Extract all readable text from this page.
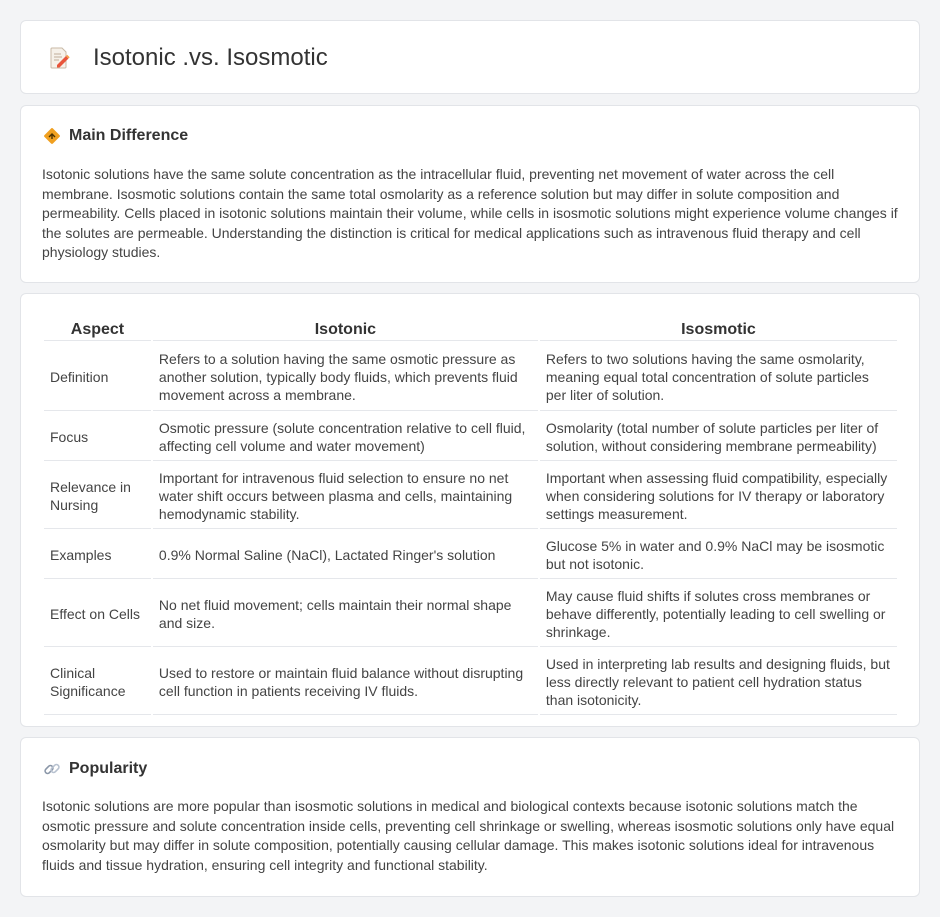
Isotonic .vs. Isosmotic
Main Difference

Isotonic solutions have the same solute concentration as the intracellular fluid, preventing net movement of water across the cell membrane. Isosmotic solutions contain the same total osmolarity as a reference solution but may differ in solute composition and permeability. Cells placed in isotonic solutions maintain their volume, while cells in isosmotic solutions might experience volume changes if the solutes are permeable. Understanding the distinction is critical for medical applications such as intravenous fluid therapy and cell physiology studies.

Aspect	Isotonic	Isosmotic
Definition	Refers to a solution having the same osmotic pressure as another solution, typically body fluids, which prevents fluid movement across a membrane.	Refers to two solutions having the same osmolarity, meaning equal total concentration of solute particles per liter of solution.
Focus	Osmotic pressure (solute concentration relative to cell fluid, affecting cell volume and water movement)	Osmolarity (total number of solute particles per liter of solution, without considering membrane permeability)
Relevance in Nursing	Important for intravenous fluid selection to ensure no net water shift occurs between plasma and cells, maintaining hemodynamic stability.	Important when assessing fluid compatibility, especially when considering solutions for IV therapy or laboratory settings measurement.
Examples	0.9% Normal Saline (NaCl), Lactated Ringer's solution	Glucose 5% in water and 0.9% NaCl may be isosmotic but not isotonic.
Effect on Cells	No net fluid movement; cells maintain their normal shape and size.	May cause fluid shifts if solutes cross membranes or behave differently, potentially leading to cell swelling or shrinkage.
Clinical Significance	Used to restore or maintain fluid balance without disrupting cell function in patients receiving IV fluids.	Used in interpreting lab results and designing fluids, but less directly relevant to patient cell hydration status than isotonicity.
Popularity

Isotonic solutions are more popular than isosmotic solutions in medical and biological contexts because isotonic solutions match the osmotic pressure and solute concentration inside cells, preventing cell shrinkage or swelling, whereas isosmotic solutions only have equal osmolarity but may differ in solute composition, potentially causing cellular damage. This makes isotonic solutions ideal for intravenous fluids and tissue hydration, ensuring cell integrity and functional stability.
